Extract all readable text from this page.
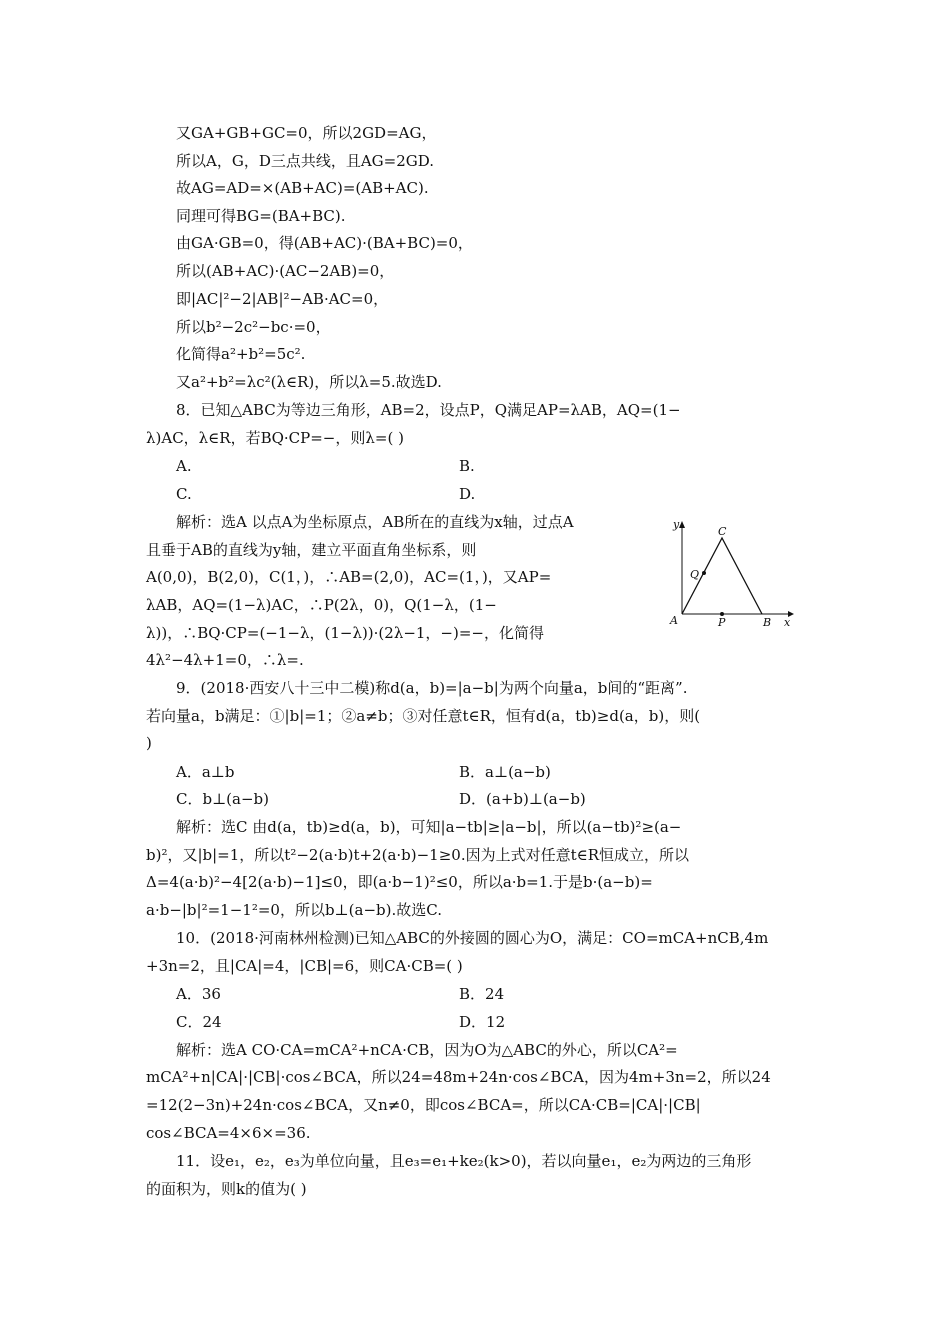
又GA+GB+GC=0，所以2GD=AG，
所以A，G，D三点共线，且AG=2GD.
故AG=AD=×(AB+AC)=(AB+AC).
同理可得BG=(BA+BC).
由GA·GB=0，得(AB+AC)·(BA+BC)=0，
所以(AB+AC)·(AC−2AB)=0，
即|AC|²−2|AB|²−AB·AC=0，
所以b²−2c²−bc·=0，
化简得a²+b²=5c².
又a²+b²=λc²(λ∈R)，所以λ=5.故选D.
8．已知△ABC为等边三角形，AB=2，设点P，Q满足AP=λAB，AQ=(1−
λ)AC，λ∈R，若BQ·CP=−，则λ=( )
A.	B.
C.	D.
解析：选A 以点A为坐标原点，AB所在的直线为x轴，过点A
且垂于AB的直线为y轴，建立平面直角坐标系，则
A(0,0)，B(2,0)，C(1，)，∴AB=(2,0)，AC=(1，)，又AP=
λAB，AQ=(1−λ)AC，∴P(2λ，0)，Q(1−λ，(1−
λ))，∴BQ·CP=(−1−λ，(1−λ))·(2λ−1，−)=−，化简得
4λ²−4λ+1=0，∴λ=.
y
C
Q
A	P	B x
9．(2018·西安八十三中二模)称d(a，b)=|a−b|为两个向量a，b间的“距离”.
若向量a，b满足：①|b|=1；②a≠b；③对任意t∈R，恒有d(a，tb)≥d(a，b)，则(
)
A．a⊥b	B．a⊥(a−b)
C．b⊥(a−b)	D．(a+b)⊥(a−b)
解析：选C 由d(a，tb)≥d(a，b)，可知|a−tb|≥|a−b|，所以(a−tb)²≥(a−
b)²，又|b|=1，所以t²−2(a·b)t+2(a·b)−1≥0.因为上式对任意t∈R恒成立，所以
Δ=4(a·b)²−4[2(a·b)−1]≤0，即(a·b−1)²≤0，所以a·b=1.于是b·(a−b)=
a·b−|b|²=1−1²=0，所以b⊥(a−b).故选C.
10．(2018·河南林州检测)已知△ABC的外接圆的圆心为O，满足：CO=mCA+nCB,4m
+3n=2，且|CA|=4，|CB|=6，则CA·CB=( )
A．36	B．24
C．24	D．12
解析：选A CO·CA=mCA²+nCA·CB，因为O为△ABC的外心，所以CA²=
mCA²+n|CA|·|CB|·cos∠BCA，所以24=48m+24n·cos∠BCA，因为4m+3n=2，所以24
=12(2−3n)+24n·cos∠BCA，又n≠0，即cos∠BCA=，所以CA·CB=|CA|·|CB|
cos∠BCA=4×6×=36.
11．设e₁，e₂，e₃为单位向量，且e₃=e₁+ke₂(k>0)，若以向量e₁，e₂为两边的三角形
的面积为，则k的值为( )
